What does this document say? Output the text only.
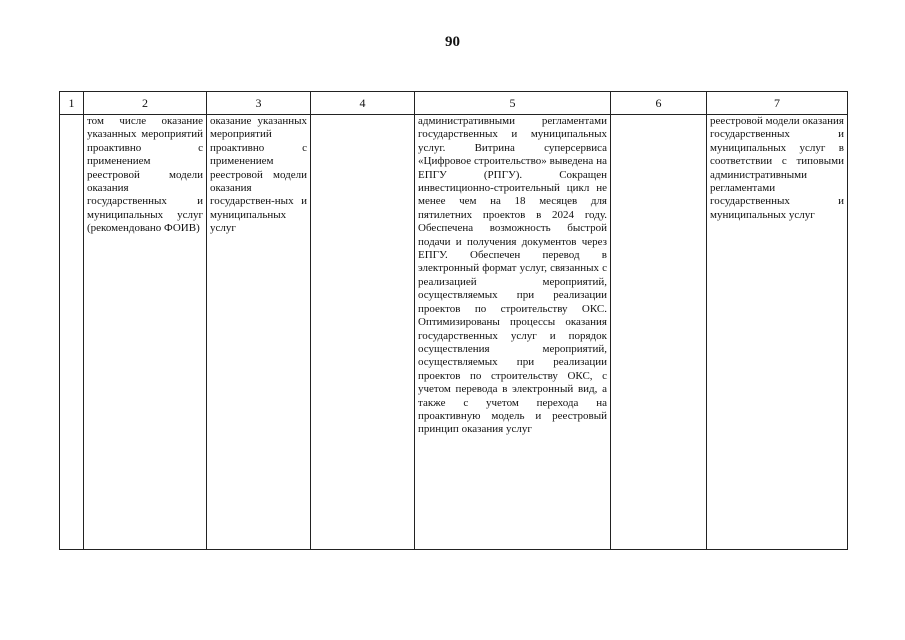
90
1	2	3	4	5	6	7
	том числе оказание указанных мероприятий проактивно с применением реестровой модели оказания государственных и муниципальных услуг (рекомендовано ФОИВ)	оказание указанных мероприятий проактивно с применением реестровой модели оказания государствен-ных и муниципальных услуг		административными регламентами государственных и муниципальных услуг. Витрина суперсервиса «Цифровое строительство» выведена на ЕПГУ (РПГУ). Сокращен инвестиционно-строительный цикл не менее чем на 18 месяцев для пятилетних проектов в 2024 году. Обеспечена возможность быстрой подачи и получения документов через ЕПГУ. Обеспечен перевод в электронный формат услуг, связанных с реализацией мероприятий, осуществляемых при реализации проектов по строительству ОКС. Оптимизированы процессы оказания государственных услуг и порядок осуществления мероприятий, осуществляемых при реализации проектов по строительству ОКС, с учетом перевода в электронный вид, а также с учетом перехода на проактивную модель и реестровый принцип оказания услуг		реестровой модели оказания государственных и муниципальных услуг в соответствии с типовыми административными регламентами государственных и муниципальных услуг
